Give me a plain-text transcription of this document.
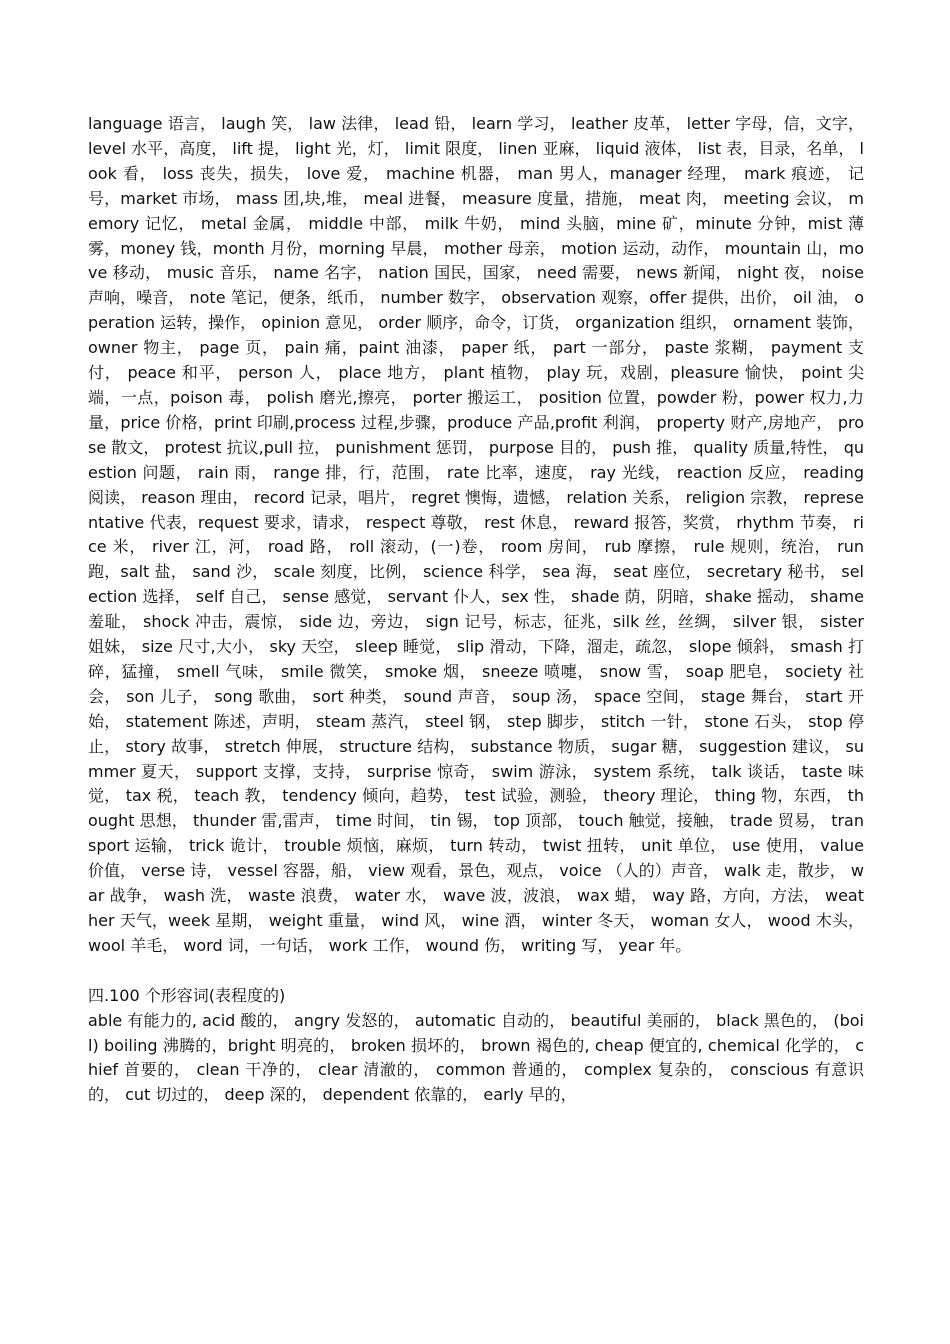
language 语言， laugh 笑， law 法律， lead 铅， learn 学习， leather 皮革， letter 字母，信，文字， level 水平，高度， lift 提， light 光，灯， limit 限度， linen 亚麻， liquid 液体， list 表，目录，名单， look 看， loss 丧失，损失， love 爱， machine 机器， man 男人，manager 经理， mark 痕迹， 记号，market 市场， mass 团,块,堆， meal 进餐， measure 度量，措施， meat 肉， meeting 会议， memory 记忆， metal 金属， middle 中部， milk 牛奶， mind 头脑，mine 矿，minute 分钟，mist 薄雾，money 钱，month 月份，morning 早晨， mother 母亲， motion 运动，动作， mountain 山，move 移动， music 音乐， name 名字， nation 国民，国家， need 需要， news 新闻， night 夜， noise 声响，噪音， note 笔记，便条，纸币， number 数字， observation 观察，offer 提供，出价， oil 油， operation 运转，操作， opinion 意见， order 顺序，命令，订货， organization 组织， ornament 装饰， owner 物主， page 页， pain 痛，paint 油漆， paper 纸， part 一部分， paste 浆糊， payment 支付， peace 和平， person 人， place 地方， plant 植物， play 玩，戏剧，pleasure 愉快， point 尖端，一点，poison 毒， polish 磨光,擦亮， porter 搬运工， position 位置，powder 粉，power 权力,力量，price 价格，print 印刷,process 过程,步骤，produce 产品,profit 利润， property 财产,房地产， prose 散文， protest 抗议,pull 拉， punishment 惩罚， purpose 目的， push 推， quality 质量,特性， question 问题， rain 雨， range 排，行，范围， rate 比率，速度， ray 光线， reaction 反应， reading 阅读， reason 理由， record 记录，唱片， regret 懊悔，遗憾， relation 关系， religion 宗教， representative 代表，request 要求，请求， respect 尊敬， rest 休息， reward 报答，奖赏， rhythm 节奏， rice 米， river 江，河， road 路， roll 滚动，(一)卷， room 房间， rub 摩擦， rule 规则，统治， run 跑，salt 盐， sand 沙， scale 刻度，比例， science 科学， sea 海， seat 座位， secretary 秘书， selection 选择， self 自己， sense 感觉， servant 仆人，sex 性， shade 荫，阴暗，shake 摇动， shame 羞耻， shock 冲击，震惊， side 边，旁边， sign 记号，标志，征兆，silk 丝，丝绸， silver 银， sister 姐妹， size 尺寸,大小， sky 天空， sleep 睡觉， slip 滑动，下降，溜走，疏忽， slope 倾斜， smash 打碎，猛撞， smell 气味， smile 微笑， smoke 烟， sneeze 喷嚏， snow 雪， soap 肥皂， society 社会， son 儿子， song 歌曲， sort 种类， sound 声音， soup 汤， space 空间， stage 舞台， start 开始， statement 陈述，声明， steam 蒸汽， steel 钢， step 脚步， stitch 一针， stone 石头， stop 停止， story 故事， stretch 伸展， structure 结构， substance 物质， sugar 糖， suggestion 建议， summer 夏天， support 支撑，支持， surprise 惊奇， swim 游泳， system 系统， talk 谈话， taste 味觉， tax 税， teach 教， tendency 倾向，趋势， test 试验，测验， theory 理论， thing 物，东西， thought 思想， thunder 雷,雷声， time 时间， tin 锡， top 顶部， touch 触觉，接触， trade 贸易， transport 运输， trick 诡计， trouble 烦恼，麻烦， turn 转动， twist 扭转， unit 单位， use 使用， value 价值， verse 诗， vessel 容器，船， view 观看，景色，观点， voice （人的）声音， walk 走，散步， war 战争， wash 洗， waste 浪费， water 水， wave 波，波浪， wax 蜡， way 路，方向，方法， weather 天气，week 星期， weight 重量， wind 风， wine 酒， winter 冬天， woman 女人， wood 木头， wool 羊毛， word 词，一句话， work 工作， wound 伤， writing 写， year 年。

四.100 个形容词(表程度的)

able 有能力的, acid 酸的， angry 发怒的， automatic 自动的， beautiful 美丽的， black 黑色的， (boil) boiling 沸腾的，bright 明亮的， broken 损坏的， brown 褐色的, cheap 便宜的, chemical 化学的， chief 首要的， clean 干净的， clear 清澈的， common 普通的， complex 复杂的， conscious 有意识的， cut 切过的， deep 深的， dependent 依靠的， early 早的，
